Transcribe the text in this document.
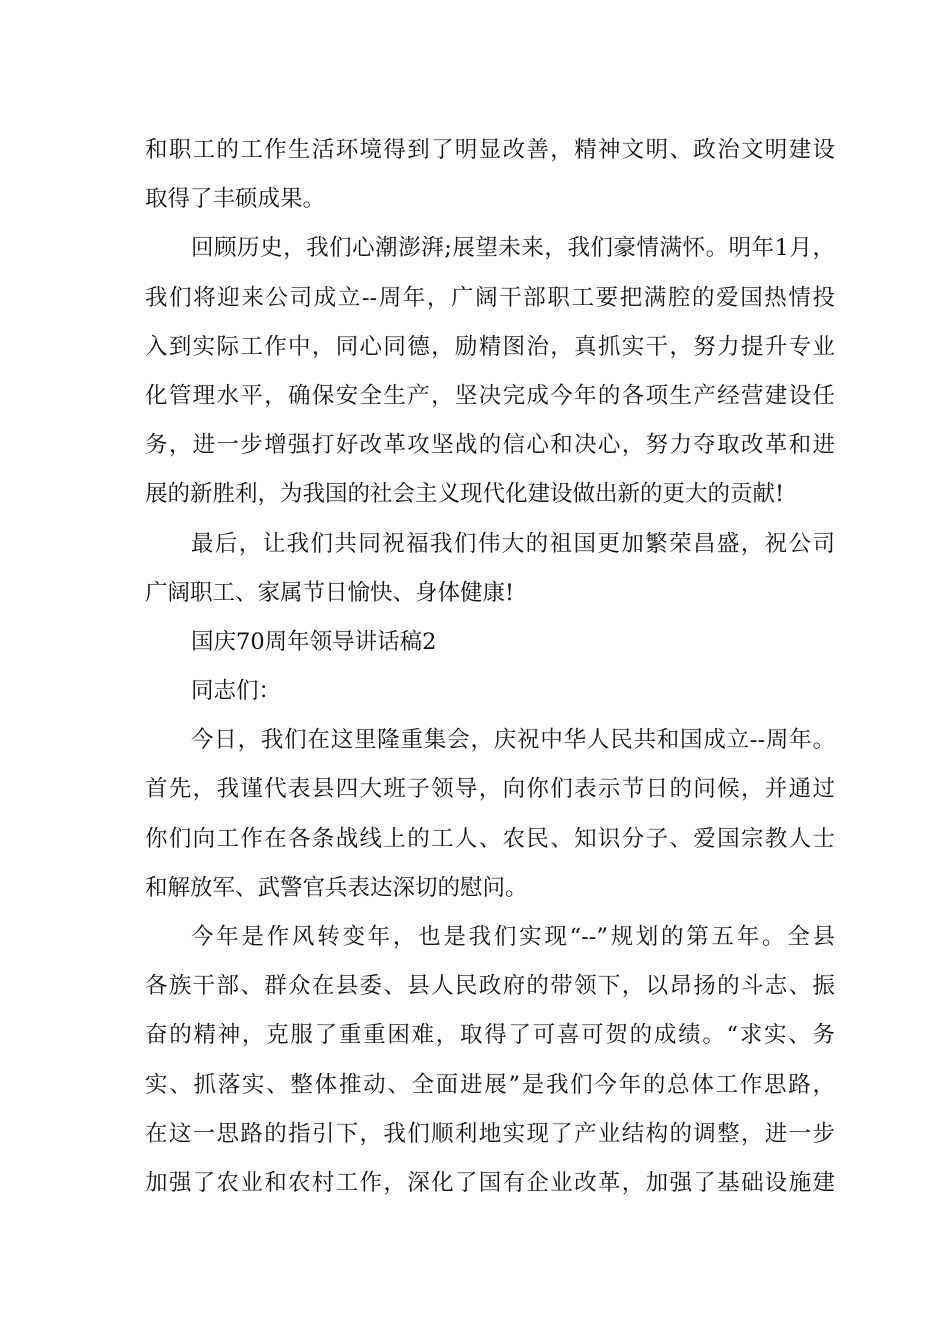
和职工的工作生活环境得到了明显改善，精神文明、政治文明建设
取得了丰硕成果。
回顾历史，我们心潮澎湃;展望未来，我们豪情满怀。明年1月，
我们将迎来公司成立--周年，广阔干部职工要把满腔的爱国热情投
入到实际工作中，同心同德，励精图治，真抓实干，努力提升专业
化管理水平，确保安全生产，坚决完成今年的各项生产经营建设任
务，进一步增强打好改革攻坚战的信心和决心，努力夺取改革和进
展的新胜利，为我国的社会主义现代化建设做出新的更大的贡献!
最后，让我们共同祝福我们伟大的祖国更加繁荣昌盛，祝公司
广阔职工、家属节日愉快、身体健康!
国庆70周年领导讲话稿2
同志们：
今日，我们在这里隆重集会，庆祝中华人民共和国成立--周年。
首先，我谨代表县四大班子领导，向你们表示节日的问候，并通过
你们向工作在各条战线上的工人、农民、知识分子、爱国宗教人士
和解放军、武警官兵表达深切的慰问。
今年是作风转变年，也是我们实现“--”规划的第五年。全县
各族干部、群众在县委、县人民政府的带领下，以昂扬的斗志、振
奋的精神，克服了重重困难，取得了可喜可贺的成绩。“求实、务
实、抓落实、整体推动、全面进展”是我们今年的总体工作思路，
在这一思路的指引下，我们顺利地实现了产业结构的调整，进一步
加强了农业和农村工作，深化了国有企业改革，加强了基础设施建
